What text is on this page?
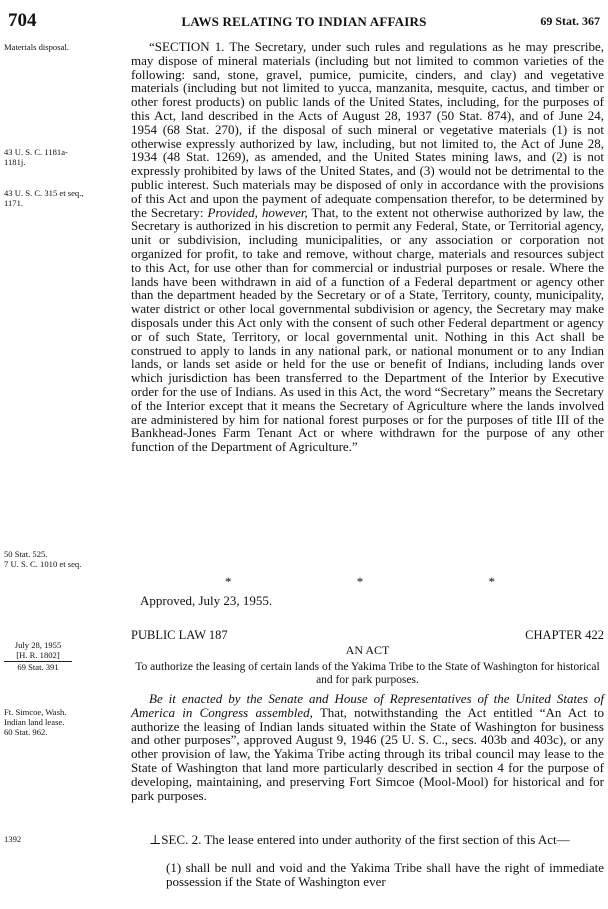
704	LAWS RELATING TO INDIAN AFFAIRS	69 Stat. 367
Materials disposal.
43 U. S. C. 1181a-
1181j.
43 U. S. C. 315 et seq.,
1171.
50 Stat. 525.
7 U. S. C. 1010 et seq.
July 28, 1955
[H. R. 1802]
69 Stat. 391
Ft. Simcoe, Wash.
Indian land lease.
60 Stat. 962.
1392

“SECTION 1. The Secretary, under such rules and regulations as he may prescribe, may dispose of mineral materials (including but not limited to common varieties of the following: sand, stone, gravel, pumice, pumicite, cinders, and clay) and vegetative materials (including but not limited to yucca, manzanita, mesquite, cactus, and timber or other forest products) on public lands of the United States, including, for the purposes of this Act, land described in the Acts of August 28, 1937 (50 Stat. 874), and of June 24, 1954 (68 Stat. 270), if the disposal of such mineral or vegetative materials (1) is not otherwise expressly authorized by law, including, but not limited to, the Act of June 28, 1934 (48 Stat. 1269), as amended, and the United States mining laws, and (2) is not expressly prohibited by laws of the United States, and (3) would not be detrimental to the public interest. Such materials may be disposed of only in accordance with the provisions of this Act and upon the payment of adequate compensation therefor, to be determined by the Secretary: Provided, however, That, to the extent not otherwise authorized by law, the Secretary is authorized in his discretion to permit any Federal, State, or Territorial agency, unit or subdivision, including municipalities, or any association or corporation not organized for profit, to take and remove, without charge, materials and resources subject to this Act, for use other than for commercial or industrial purposes or resale. Where the lands have been withdrawn in aid of a function of a Federal department or agency other than the department headed by the Secretary or of a State, Territory, county, municipality, water district or other local governmental subdivision or agency, the Secretary may make disposals under this Act only with the consent of such other Federal department or agency or of such State, Territory, or local governmental unit. Nothing in this Act shall be construed to apply to lands in any national park, or national monument or to any Indian lands, or lands set aside or held for the use or benefit of Indians, including lands over which jurisdiction has been transferred to the Department of the Interior by Executive order for the use of Indians. As used in this Act, the word “Secretary” means the Secretary of the Interior except that it means the Secretary of Agriculture where the lands involved are administered by him for national forest purposes or for the purposes of title III of the Bankhead-Jones Farm Tenant Act or where withdrawn for the purpose of any other function of the Department of Agriculture.”

*	*	*
Approved, July 23, 1955.
PUBLIC LAW 187	CHAPTER 422
AN ACT
To authorize the leasing of certain lands of the Yakima Tribe to the State of Washington for historical and for park purposes.

Be it enacted by the Senate and House of Representatives of the United States of America in Congress assembled, That, notwithstanding the Act entitled “An Act to authorize the leasing of Indian lands situated within the State of Washington for business and other purposes”, approved August 9, 1946 (25 U. S. C., secs. 403b and 403c), or any other provision of law, the Yakima Tribe acting through its tribal council may lease to the State of Washington that land more particularly described in section 4 for the purpose of developing, maintaining, and preserving Fort Simcoe (Mool-Mool) for historical and for park purposes.

⊥SEC. 2. The lease entered into under authority of the first section of this Act—

(1) shall be null and void and the Yakima Tribe shall have the right of immediate possession if the State of Washington ever
